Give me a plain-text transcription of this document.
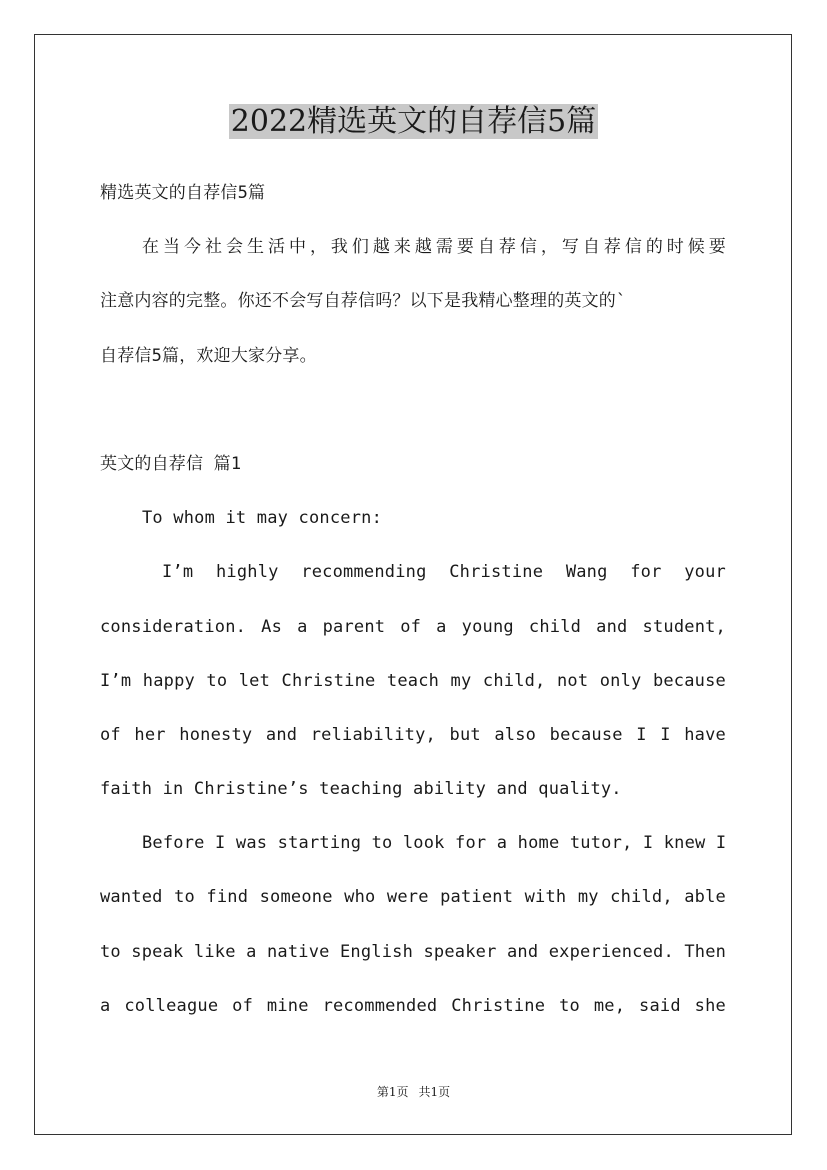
2022精选英文的自荐信5篇
精选英文的自荐信5篇
在当今社会生活中，我们越来越需要自荐信，写自荐信的时候要
注意内容的完整。你还不会写自荐信吗？以下是我精心整理的英文的`
自荐信5篇，欢迎大家分享。
英文的自荐信 篇1
To whom it may concern:
I’m highly recommending Christine Wang for your
consideration. As a parent of a young child and student,
I’m happy to let Christine teach my child, not only because
of her honesty and reliability, but also because I I have
faith in Christine’s teaching ability and quality.
Before I was starting to look for a home tutor, I knew I
wanted to find someone who were patient with my child, able
to speak like a native English speaker and experienced. Then
a colleague of mine recommended Christine to me, said she
第1页 共1页
